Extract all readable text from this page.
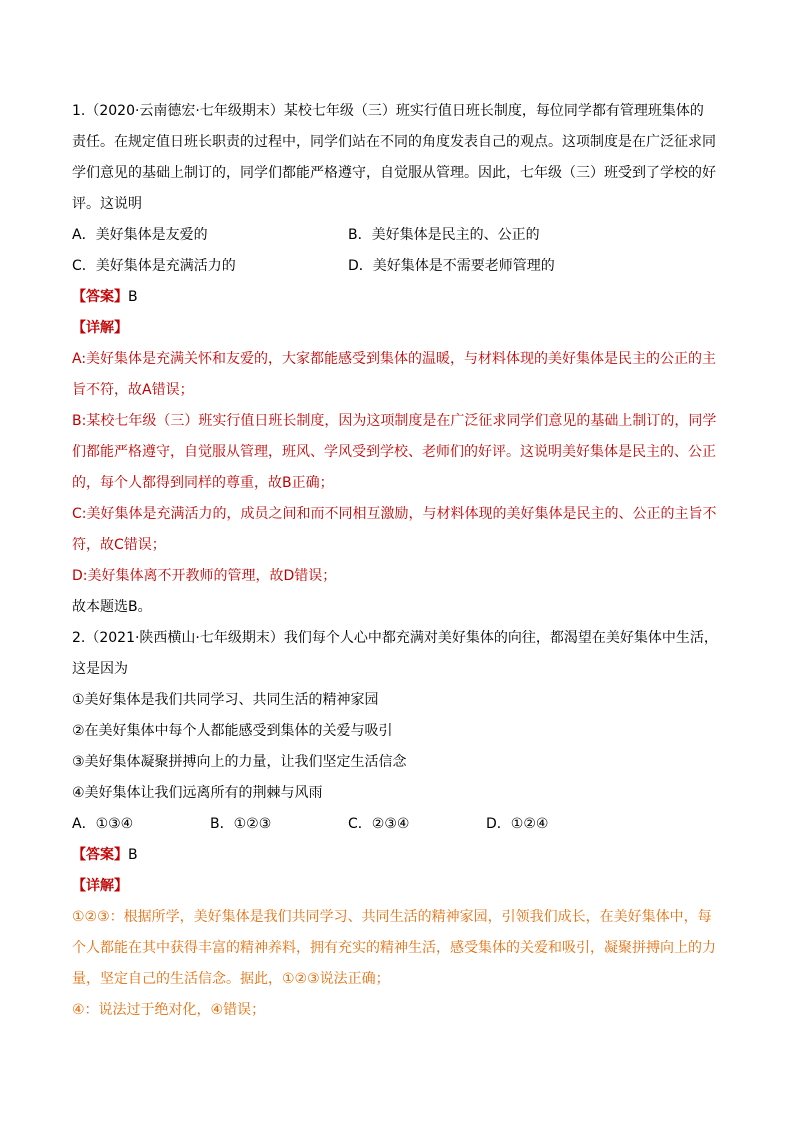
1.（2020·云南德宏·七年级期末）某校七年级（三）班实行值日班长制度，每位同学都有管理班集体的
责任。在规定值日班长职责的过程中，同学们站在不同的角度发表自己的观点。这项制度是在广泛征求同
学们意见的基础上制订的，同学们都能严格遵守，自觉服从管理。因此，七年级（三）班受到了学校的好
评。这说明
A．美好集体是友爱的	B．美好集体是民主的、公正的
C．美好集体是充满活力的	D．美好集体是不需要老师管理的
【答案】B
【详解】
A:美好集体是充满关怀和友爱的，大家都能感受到集体的温暖，与材料体现的美好集体是民主的公正的主
旨不符，故A错误；
B:某校七年级（三）班实行值日班长制度，因为这项制度是在广泛征求同学们意见的基础上制订的，同学
们都能严格遵守，自觉服从管理，班风、学风受到学校、老师们的好评。这说明美好集体是民主的、公正
的，每个人都得到同样的尊重，故B正确；
C:美好集体是充满活力的，成员之间和而不同相互激励，与材料体现的美好集体是民主的、公正的主旨不
符，故C错误；
D:美好集体离不开教师的管理，故D错误；
故本题选B。
2.（2021·陕西横山·七年级期末）我们每个人心中都充满对美好集体的向往，都渴望在美好集体中生活，
这是因为
①美好集体是我们共同学习、共同生活的精神家园
②在美好集体中每个人都能感受到集体的关爱与吸引
③美好集体凝聚拼搏向上的力量，让我们坚定生活信念
④美好集体让我们远离所有的荆棘与风雨
A．①③④	B．①②③	C．②③④	D．①②④
【答案】B
【详解】
①②③：根据所学，美好集体是我们共同学习、共同生活的精神家园，引领我们成长，在美好集体中，每
个人都能在其中获得丰富的精神养料，拥有充实的精神生活，感受集体的关爱和吸引，凝聚拼搏向上的力
量，坚定自己的生活信念。据此，①②③说法正确；
④：说法过于绝对化，④错误；
